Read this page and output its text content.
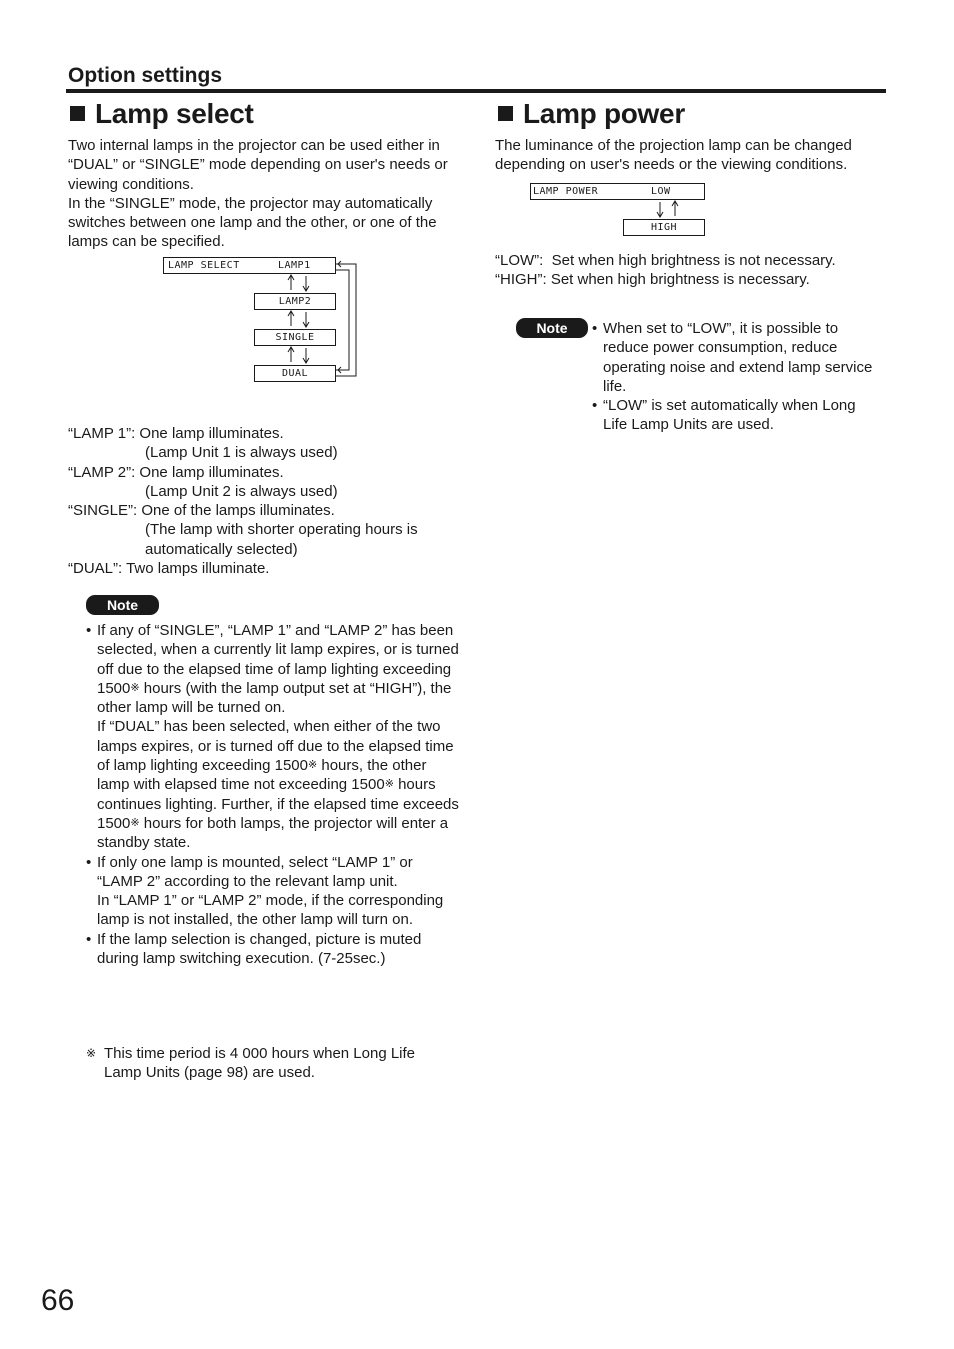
Option settings
Lamp select

Two internal lamps in the projector can be used either in “DUAL” or “SINGLE” mode depending on user's needs or viewing conditions.

In the “SINGLE” mode, the projector may automatically switches between one lamp and the other, or one of the lamps can be specified.

LAMP SELECT	LAMP1
LAMP2
SINGLE
DUAL
“LAMP 1”: One lamp illuminates.
(Lamp Unit 1 is always used)
“LAMP 2”: One lamp illuminates.
(Lamp Unit 2 is always used)
“SINGLE”: One of the lamps illuminates.
(The lamp with shorter operating hours is
automatically selected)
“DUAL”: Two lamps illuminate.
Note

• If any of “SINGLE”, “LAMP 1” and “LAMP 2” has been selected, when a currently lit lamp expires, or is turned off due to the elapsed time of lamp lighting exceeding 1500※ hours (with the lamp output set at “HIGH”), the other lamp will be turned on.

If “DUAL” has been selected, when either of the two lamps expires, or is turned off due to the elapsed time of lamp lighting exceeding 1500※ hours, the other lamp with elapsed time not exceeding 1500※ hours continues lighting. Further, if the elapsed time exceeds 1500※ hours for both lamps, the projector will enter a standby state.

• If only one lamp is mounted, select “LAMP 1” or “LAMP 2” according to the relevant lamp unit.

In “LAMP 1” or “LAMP 2” mode, if the corresponding lamp is not installed, the other lamp will turn on.

• If the lamp selection is changed, picture is muted during lamp switching execution. (7-25sec.)

※ This time period is 4 000 hours when Long Life Lamp Units (page 98) are used.
Lamp power
The luminance of the projection lamp can be changed depending on user's needs or the viewing conditions.
LAMP POWER	LOW
HIGH

“LOW”:  Set when high brightness is not necessary.

“HIGH”: Set when high brightness is necessary.

Note
•	When set to “LOW”, it is possible to reduce power consumption, reduce operating noise and extend lamp service life.
• “LOW” is set automatically when Long Life Lamp Units are used.
66
